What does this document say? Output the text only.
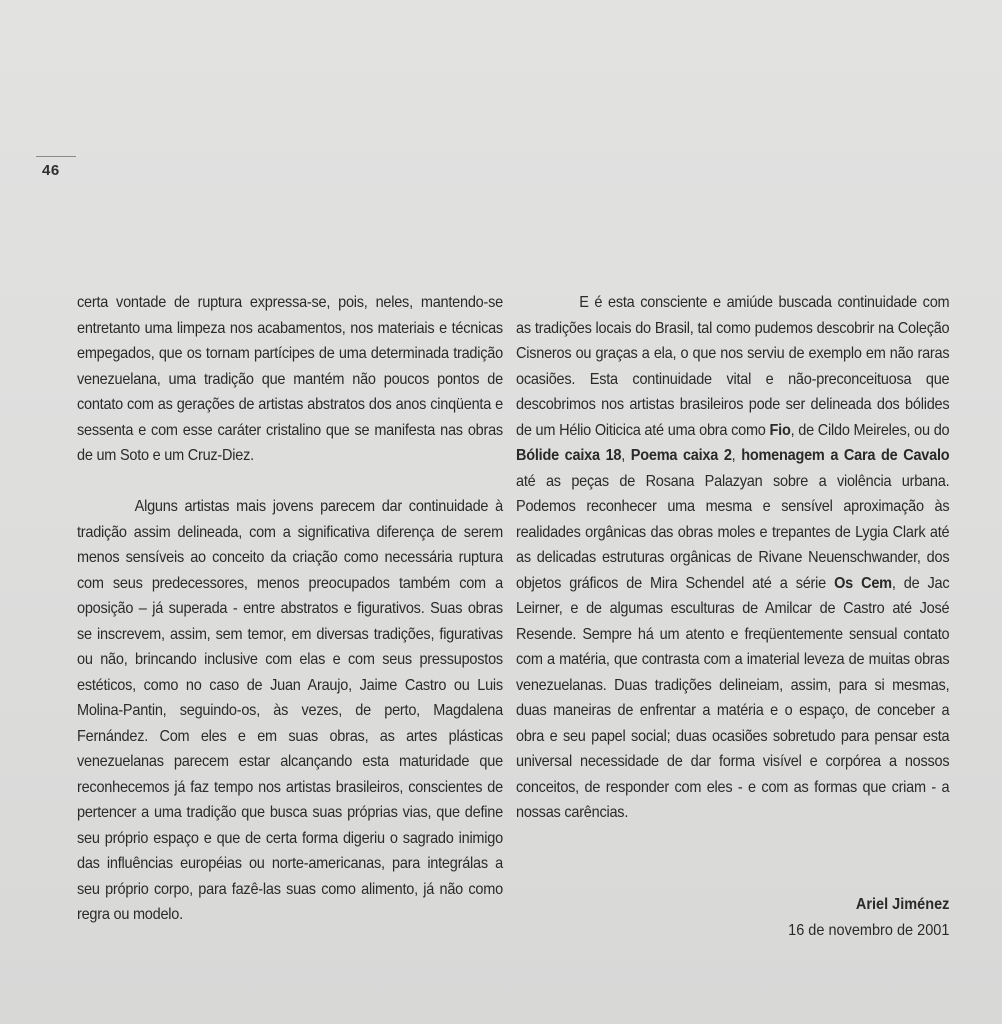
46

certa vontade de ruptura expressa-se, pois, neles, mantendo-se entretanto uma limpeza nos acabamentos, nos materiais e técnicas empegados, que os tornam partícipes de uma determinada tradição venezuelana, uma tradição que mantém não poucos pontos de contato com as gerações de artistas abstratos dos anos cinqüenta e sessenta e com esse caráter cristalino que se manifesta nas obras de um Soto e um Cruz-Diez.

Alguns artistas mais jovens parecem dar continuidade à tradição assim delineada, com a significativa diferença de serem menos sensíveis ao conceito da criação como necessária ruptura com seus predecessores, menos preocupados também com a oposição – já superada - entre abstratos e figurativos. Suas obras se inscrevem, assim, sem temor, em diversas tradições, figurativas ou não, brincando inclusive com elas e com seus pressupostos estéticos, como no caso de Juan Araujo, Jaime Castro ou Luis Molina-Pantin, seguindo-os, às vezes, de perto, Magdalena Fernández. Com eles e em suas obras, as artes plásticas venezuelanas parecem estar alcançando esta maturidade que reconhecemos já faz tempo nos artistas brasileiros, conscientes de pertencer a uma tradição que busca suas próprias vias, que define seu próprio espaço e que de certa forma digeriu o sagrado inimigo das influências européias ou norte-americanas, para integrálas a seu próprio corpo, para fazê-las suas como alimento, já não como regra ou modelo.

E é esta consciente e amiúde buscada continuidade com as tradições locais do Brasil, tal como pudemos descobrir na Coleção Cisneros ou graças a ela, o que nos serviu de exemplo em não raras ocasiões. Esta continuidade vital e não-preconceituosa que descobrimos nos artistas brasileiros pode ser delineada dos bólides de um Hélio Oiticica até uma obra como Fio, de Cildo Meireles, ou do Bólide caixa 18, Poema caixa 2, homenagem a Cara de Cavalo até as peças de Rosana Palazyan sobre a violência urbana. Podemos reconhecer uma mesma e sensível aproximação às realidades orgânicas das obras moles e trepantes de Lygia Clark até as delicadas estruturas orgânicas de Rivane Neuenschwander, dos objetos gráficos de Mira Schendel até a série Os Cem, de Jac Leirner, e de algumas esculturas de Amilcar de Castro até José Resende. Sempre há um atento e freqüentemente sensual contato com a matéria, que contrasta com a imaterial leveza de muitas obras venezuelanas. Duas tradições delineiam, assim, para si mesmas, duas maneiras de enfrentar a matéria e o espaço, de conceber a obra e seu papel social; duas ocasiões sobretudo para pensar esta universal necessidade de dar forma visível e corpórea a nossos conceitos, de responder com eles - e com as formas que criam - a nossas carências.

Ariel Jiménez
16 de novembro de 2001
